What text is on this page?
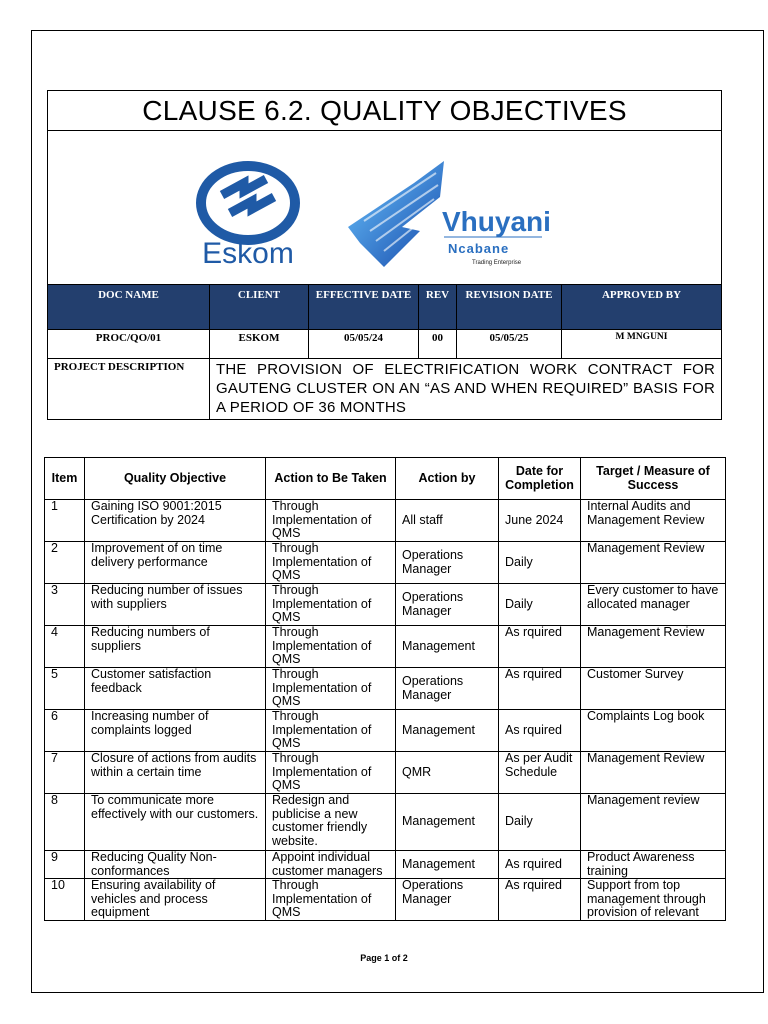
CLAUSE 6.2. QUALITY OBJECTIVES					

Eskom
Vhuyani
Ncabane
Trading Enterprise					

DOC NAME	CLIENT	EFFECTIVE DATE	REV	REVISION DATE	APPROVED BY
PROC/QO/01	ESKOM	05/05/24	00	05/05/25	M MNGUNI
PROJECT DESCRIPTION	THE PROVISION OF ELECTRIFICATION WORK CONTRACT FOR GAUTENG CLUSTER ON AN “AS AND WHEN REQUIRED” BASIS FOR A PERIOD OF 36 MONTHS				
Item	Quality Objective	Action to Be Taken	Action by	Date for Completion	Target / Measure of Success
1	Gaining ISO 9001:2015 Certification by 2024	Through Implementation of QMS	All staff	June 2024	Internal Audits and Management Review
2	Improvement of on time delivery performance	Through Implementation of QMS	Operations Manager	Daily	Management Review
3	Reducing number of issues with suppliers	Through Implementation of QMS	Operations Manager	Daily	Every customer to have allocated manager
4	Reducing numbers of suppliers	Through Implementation of QMS	Management	As rquired	Management Review
5	Customer satisfaction feedback	Through Implementation of QMS	Operations Manager	As rquired	Customer Survey
6	Increasing number of complaints logged	Through Implementation of QMS	Management	As rquired	Complaints Log book
7	Closure of actions from audits within a certain time	Through Implementation of QMS	QMR	As per Audit Schedule	Management Review
8	To communicate more effectively with our customers.	Redesign and publicise a new customer friendly website.	Management	Daily	Management review
9	Reducing Quality Non-conformances	Appoint individual customer managers	Management	As rquired	Product Awareness training
10	Ensuring availability of vehicles and process equipment	Through Implementation of QMS	Operations Manager	As rquired	Support from top management through provision of relevant
Page 1 of 2
